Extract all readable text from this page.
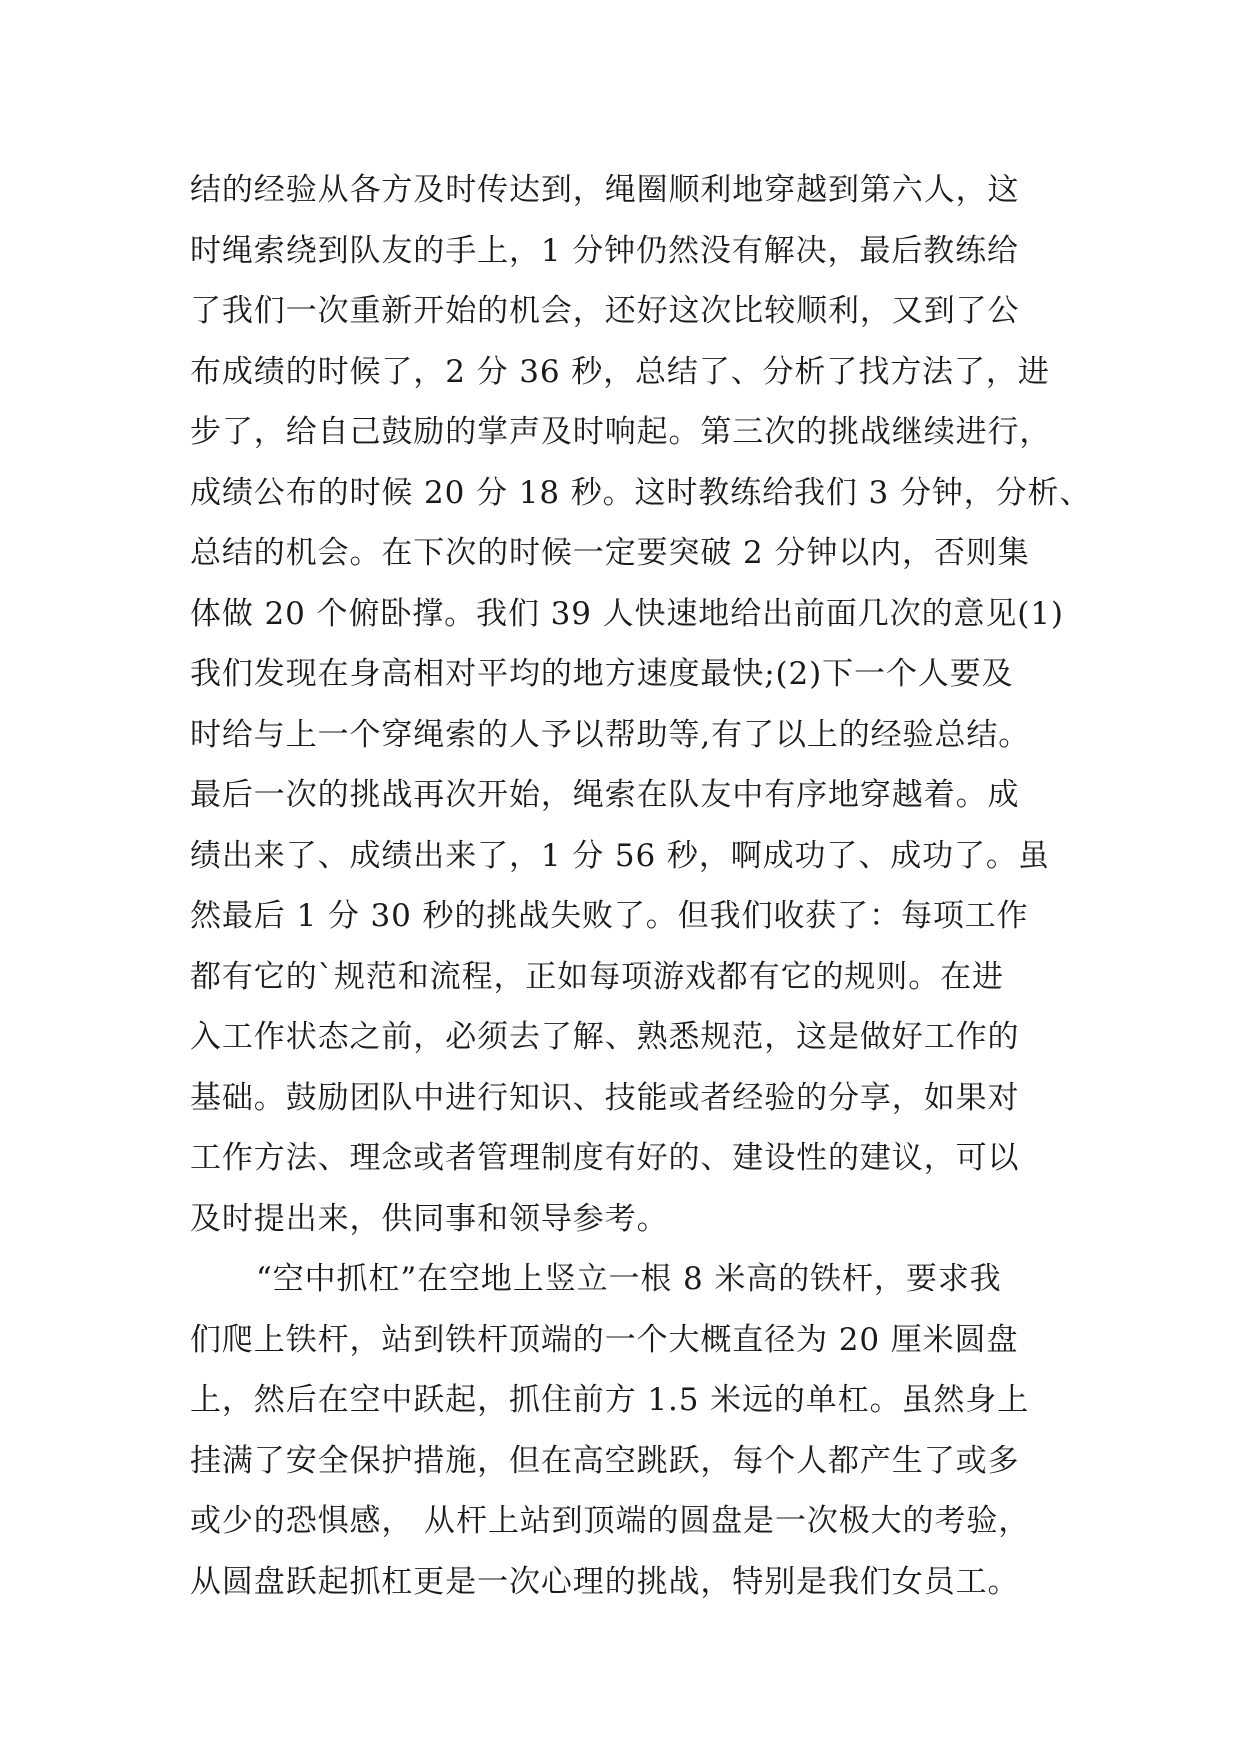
结的经验从各方及时传达到，绳圈顺利地穿越到第六人，这
时绳索绕到队友的手上，1 分钟仍然没有解决，最后教练给
了我们一次重新开始的机会，还好这次比较顺利，又到了公
布成绩的时候了，2 分 36 秒，总结了、分析了找方法了，进
步了，给自己鼓励的掌声及时响起。第三次的挑战继续进行，
成绩公布的时候 20 分 18 秒。这时教练给我们 3 分钟，分析、
总结的机会。在下次的时候一定要突破 2 分钟以内，否则集
体做 20 个俯卧撑。我们 39 人快速地给出前面几次的意见(1)
我们发现在身高相对平均的地方速度最快;(2)下一个人要及
时给与上一个穿绳索的人予以帮助等,有了以上的经验总结。
最后一次的挑战再次开始，绳索在队友中有序地穿越着。成
绩出来了、成绩出来了，1 分 56 秒，啊成功了、成功了。虽
然最后 1 分 30 秒的挑战失败了。但我们收获了：每项工作
都有它的`规范和流程，正如每项游戏都有它的规则。在进
入工作状态之前，必须去了解、熟悉规范，这是做好工作的
基础。鼓励团队中进行知识、技能或者经验的分享，如果对
工作方法、理念或者管理制度有好的、建设性的建议，可以
及时提出来，供同事和领导参考。
“空中抓杠”在空地上竖立一根 8 米高的铁杆，要求我
们爬上铁杆，站到铁杆顶端的一个大概直径为 20 厘米圆盘
上，然后在空中跃起，抓住前方 1.5 米远的单杠。虽然身上
挂满了安全保护措施，但在高空跳跃，每个人都产生了或多
或少的恐惧感， 从杆上站到顶端的圆盘是一次极大的考验，
从圆盘跃起抓杠更是一次心理的挑战，特别是我们女员工。
